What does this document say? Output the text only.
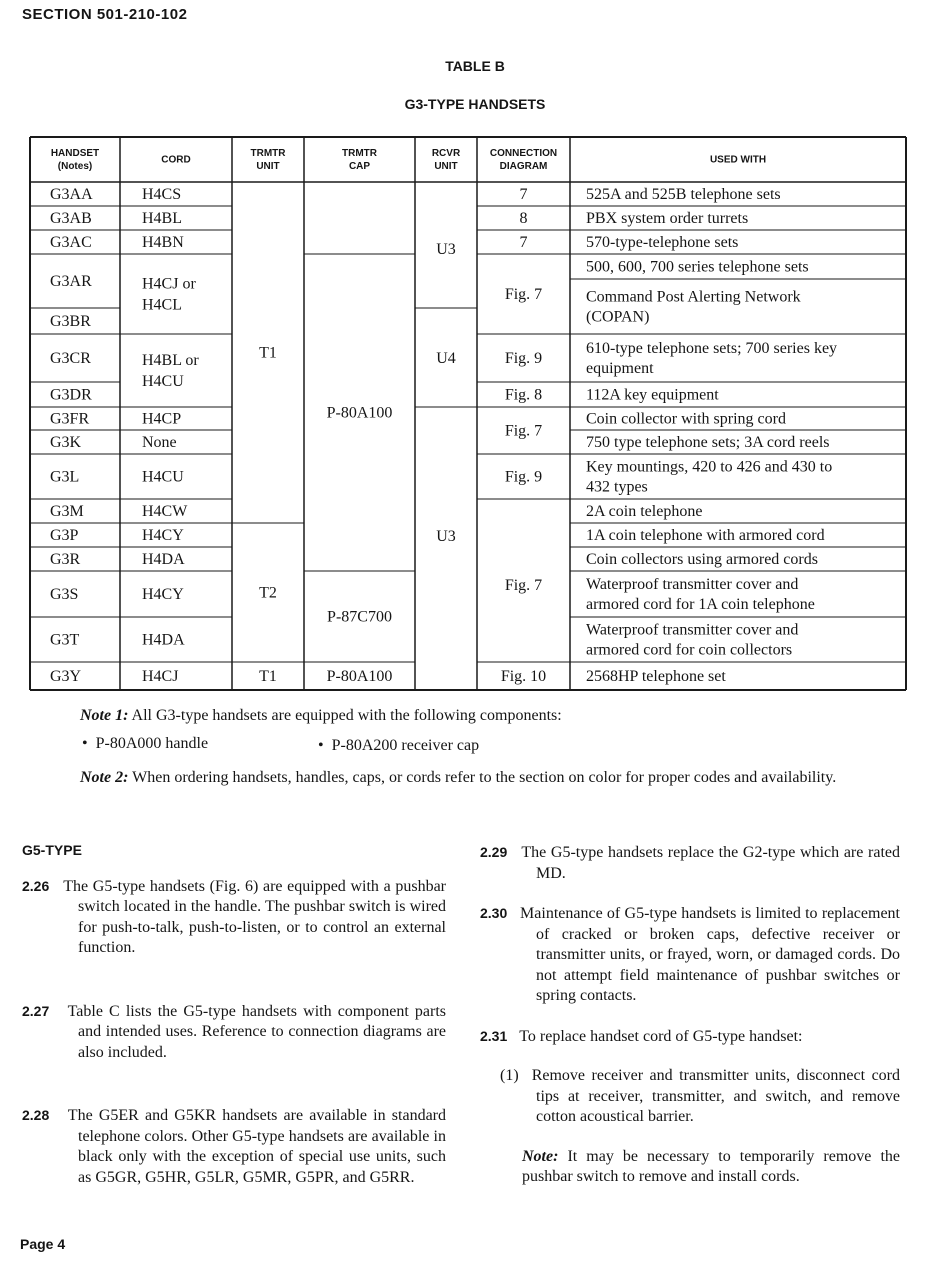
SECTION 501-210-102
TABLE B
G3-TYPE HANDSETS
HANDSET
(Notes)
CORD
TRMTR
UNIT
TRMTR
CAP
RCVR
UNIT
CONNECTION
DIAGRAM
USED WITH
G3AA
G3AB
G3AC
G3AR
G3BR
G3CR
G3DR
G3FR
G3K
G3L
G3M
G3P
G3R
G3S
G3T
G3Y
H4CS
H4BL
H4BN
H4CJ or
H4CL
H4BL or
H4CU
H4CP
None
H4CU
H4CW
H4CY
H4DA
H4CY
H4DA
H4CJ
T1
T2
T1
P-80A100
P-87C700
P-80A100
U3
U4
U3
7
8
7
Fig. 7
Fig. 9
Fig. 8
Fig. 7
Fig. 9
Fig. 7
Fig. 10
525A and 525B telephone sets
PBX system order turrets
570-type-telephone sets
500, 600, 700 series telephone sets
Command Post Alerting Network
(COPAN)
610-type telephone sets; 700 series key
equipment
112A key equipment
Coin collector with spring cord
750 type telephone sets; 3A cord reels
Key mountings, 420 to 426 and 430 to
432 types
2A coin telephone
1A coin telephone with armored cord
Coin collectors using armored cords
Waterproof transmitter cover and
armored cord for 1A coin telephone
Waterproof transmitter cover and
armored cord for coin collectors
2568HP telephone set
Note 1: All G3-type handsets are equipped with the following components:
• P-80A000 handle	• P-80A200 receiver cap
Note 2: When ordering handsets, handles, caps, or cords refer to the section on color for proper codes and availability.
G5-TYPE
2.26 The G5-type handsets (Fig. 6) are equipped with a pushbar switch located in the handle. The pushbar switch is wired for push-to-talk, push-to-listen, or to control an external function.
2.27 Table C lists the G5-type handsets with component parts and intended uses. Reference to connection diagrams are also included.
2.28 The G5ER and G5KR handsets are available in standard telephone colors. Other G5-type handsets are available in black only with the exception of special use units, such as G5GR, G5HR, G5LR, G5MR, G5PR, and G5RR.
2.29 The G5-type handsets replace the G2-type which are rated MD.
2.30 Maintenance of G5-type handsets is limited to replacement of cracked or broken caps, defective receiver or transmitter units, or frayed, worn, or damaged cords. Do not attempt field maintenance of pushbar switches or spring contacts.
2.31 To replace handset cord of G5-type handset:
(1) Remove receiver and transmitter units, disconnect cord tips at receiver, transmitter, and switch, and remove cotton acoustical barrier.
Note: It may be necessary to temporarily remove the pushbar switch to remove and install cords.
Page 4
